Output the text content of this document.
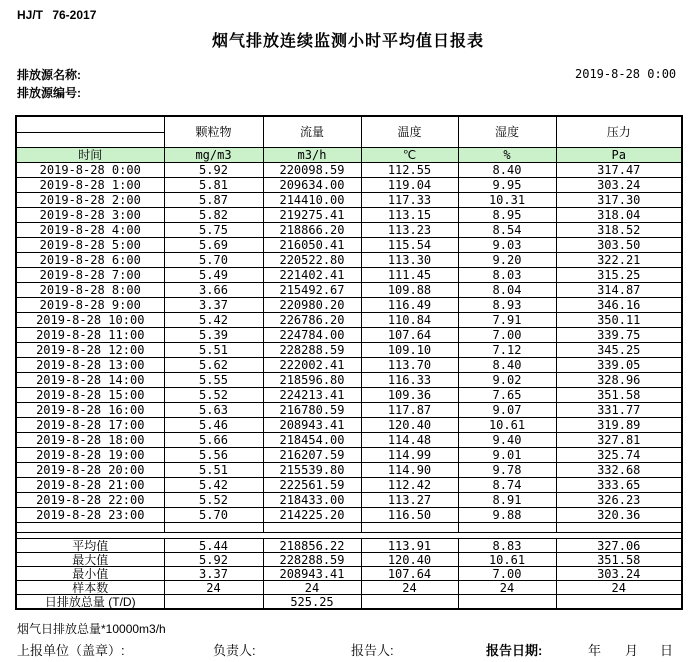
HJ/T 76-2017
烟气排放连续监测小时平均值日报表
排放源名称:	2019-8-28 0:00
排放源编号:
	颗粒物	流量	温度	湿度	压力
时间	mg/m3	m3/h	℃	%	Pa
2019-8-28 0:00	5.92	220098.59	112.55	8.40	317.47
2019-8-28 1:00	5.81	209634.00	119.04	9.95	303.24
2019-8-28 2:00	5.87	214410.00	117.33	10.31	317.30
2019-8-28 3:00	5.82	219275.41	113.15	8.95	318.04
2019-8-28 4:00	5.75	218866.20	113.23	8.54	318.52
2019-8-28 5:00	5.69	216050.41	115.54	9.03	303.50
2019-8-28 6:00	5.70	220522.80	113.30	9.20	322.21
2019-8-28 7:00	5.49	221402.41	111.45	8.03	315.25
2019-8-28 8:00	3.66	215492.67	109.88	8.04	314.87
2019-8-28 9:00	3.37	220980.20	116.49	8.93	346.16
2019-8-28 10:00	5.42	226786.20	110.84	7.91	350.11
2019-8-28 11:00	5.39	224784.00	107.64	7.00	339.75
2019-8-28 12:00	5.51	228288.59	109.10	7.12	345.25
2019-8-28 13:00	5.62	222002.41	113.70	8.40	339.05
2019-8-28 14:00	5.55	218596.80	116.33	9.02	328.96
2019-8-28 15:00	5.52	224213.41	109.36	7.65	351.58
2019-8-28 16:00	5.63	216780.59	117.87	9.07	331.77
2019-8-28 17:00	5.46	208943.41	120.40	10.61	319.89
2019-8-28 18:00	5.66	218454.00	114.48	9.40	327.81
2019-8-28 19:00	5.56	216207.59	114.99	9.01	325.74
2019-8-28 20:00	5.51	215539.80	114.90	9.78	332.68
2019-8-28 21:00	5.42	222561.59	112.42	8.74	333.65
2019-8-28 22:00	5.52	218433.00	113.27	8.91	326.23
2019-8-28 23:00	5.70	214225.20	116.50	9.88	320.36

平均值	5.44	218856.22	113.91	8.83	327.06
最大值	5.92	228288.59	120.40	10.61	351.58
最小值	3.37	208943.41	107.64	7.00	303.24
样本数	24	24	24	24	24
日排放总量 (T/D)		525.25			
烟气日排放总量*10000m3/h
上报单位（盖章）:	负责人:	报告人:	报告日期:	年 月 日
